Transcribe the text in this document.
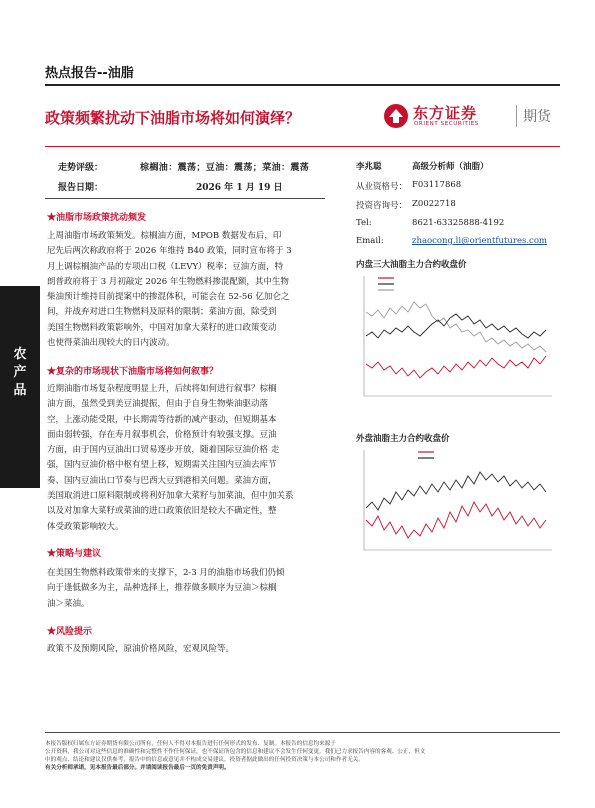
热点报告--油脂
政策频繁扰动下油脂市场将如何演绎？	东方证券
ORIENT SECURITIES	期货
走势评级：	棕榈油：震荡；豆油：震荡；菜油：震荡
报告日期：	2026 年 1 月 19 日
农产品
★油脂市场政策扰动频发
上周油脂市场政策频发。棕榈油方面，MPOB 数据发布后，印
尼先后两次称政府将于 2026 年维持 B40 政策，同时宣布将于 3
月上调棕榈油产品的专项出口税（LEVY）税率；豆油方面，特
朗普政府将于 3 月初敲定 2026 年生物燃料掺混配额，其中生物
柴油预计维持目前提案中的掺混体积，可能会在 52-56 亿加仑之
间，并战弃对进口生物燃料及原料的限制；菜油方面，除受到
美国生物燃料政策影响外，中国对加拿大菜籽的进口政策变动
也使得菜油出现较大的日内波动。
★复杂的市场现状下油脂市场将如何叙事？
近期油脂市场复杂程度明显上升，后续将如何进行叙事？棕榈
油方面，虽然受到美豆油提振，但由于自身生物柴油驱动落
空，上涨动能受限，中长期需等待新的减产驱动，但短期基本
面由弱转强，存在寿月叙事机会，价格预计有较强支撑。豆油
方面，由于国内豆油出口贸易逐步开放，随着国际豆油价格 走
强，国内豆油价格中枢有望上移，短期需关注国内豆油去库节
奏、国内豆油出口节奏与巴西大豆到港相关问题。菜油方面，
美国取消进口原料限制或将利好加拿大菜籽与加菜油，但中加关系
以及对加拿大菜籽或菜油的进口政策依旧是较大不确定性，整
体受政策影响较大。
★策略与建议
在美国生物燃料政策带来的支撑下，2-3 月的油脂市场我们仍倾
向于逢低做多为主，品种选择上，推荐做多顺序为豆油＞棕榈
油＞菜油。
★风险提示
政策不及预期风险，原油价格风险，宏观风险等。
李兆聪	高级分析师（油脂）
从业资格号： F03117868
投资咨询号： Z0022718
Tel:	8621-63325888-4192
Email:	zhaocong.li@orientfutures.com
内盘三大油脂主力合约收盘价
外盘油脂主力合约收盘价
本报告版权归属东方证券期货有限公司所有，任何人不得对本报告进行任何形式的发布、复制。本报告的信息均来源于
公开资料，我公司对这些信息的准确性和完整性不作任何保证，也不保证所包含的信息和建议不会发生任何变更。我们已力求报告内容的客观、公正，但文
中的观点、结论和建议仅供参考，报告中的信息或意见并不构成交易建议，投资者据此做出的任何投资决策与本公司和作者无关。
有关分析师承诺，见本报告最后部分。并请阅读报告最后一页的免责声明。
